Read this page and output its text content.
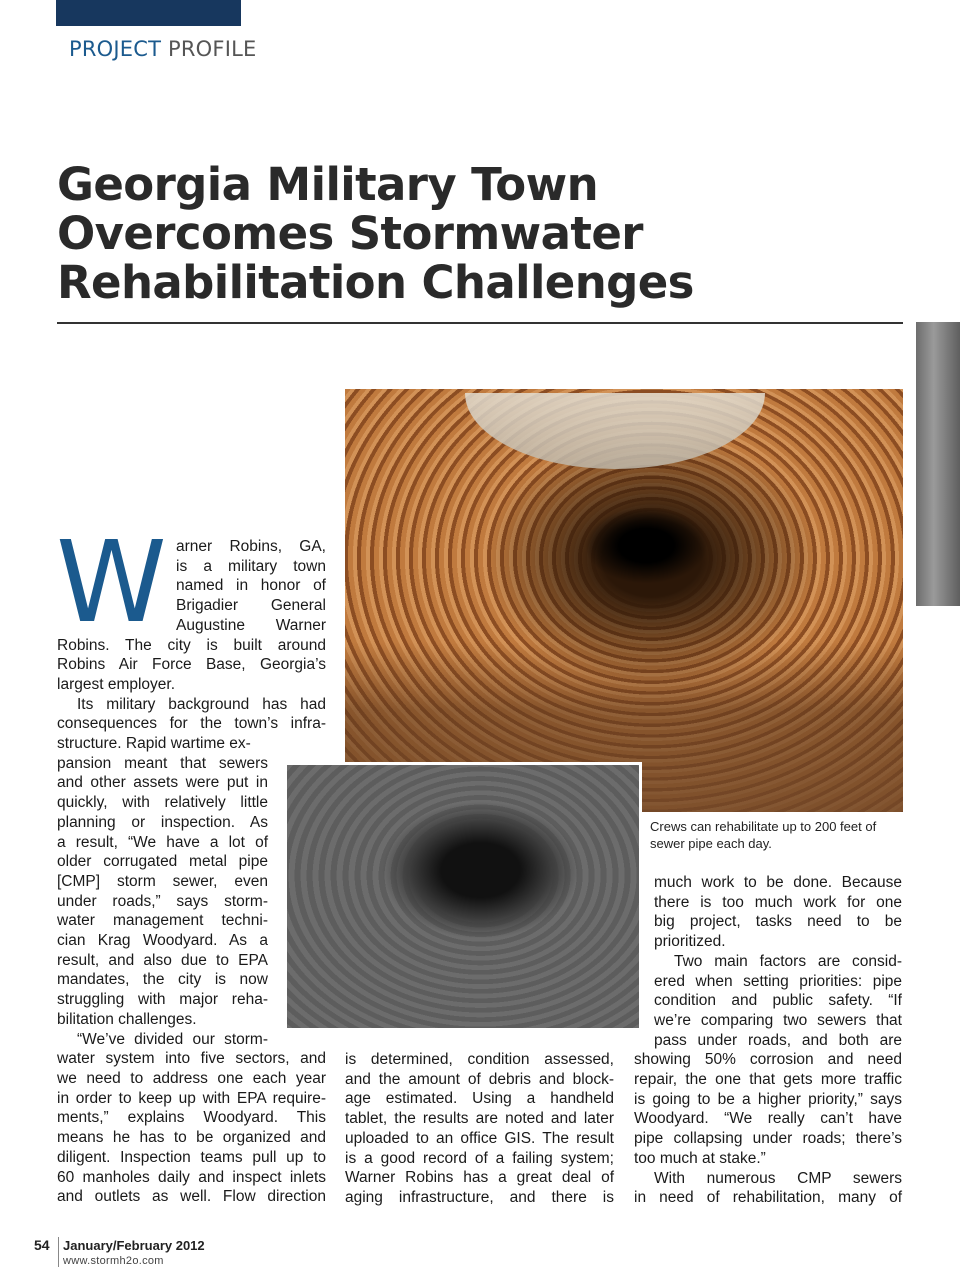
PROJECT PROFILE
Georgia Military Town
Overcomes Stormwater
Rehabilitation Challenges

Crews can rehabilitate up to 200 feet of sewer pipe each day.

W arner Robins, GA,
is a military town
named in honor of
Brigadier General
Augustine Warner
Robins. The city is built around
Robins Air Force Base, Georgia’s
largest employer.
Its military background has had
consequences for the town’s infra-
structure. Rapid wartime ex-
pansion meant that sewers
and other assets were put in
quickly, with relatively little
planning or inspection. As
a result, “We have a lot of
older corrugated metal pipe
[CMP] storm sewer, even
under roads,” says storm-
water management techni-
cian Krag Woodyard. As a
result, and also due to EPA
mandates, the city is now
struggling with major reha-
bilitation challenges.
“We’ve divided our storm-
water system into five sectors, and
we need to address one each year
in order to keep up with EPA require-
ments,” explains Woodyard. This
means he has to be organized and
diligent. Inspection teams pull up to
60 manholes daily and inspect inlets
and outlets as well. Flow direction
is determined, condition assessed,
and the amount of debris and block-
age estimated. Using a handheld
tablet, the results are noted and later
uploaded to an office GIS. The result
is a good record of a failing system;
Warner Robins has a great deal of
aging infrastructure, and there is
much work to be done. Because
there is too much work for one
big project, tasks need to be
prioritized.
Two main factors are consid-
ered when setting priorities: pipe
condition and public safety. “If
we’re comparing two sewers that
pass under roads, and both are
showing 50% corrosion and need
repair, the one that gets more traffic
is going to be a higher priority,” says
Woodyard. “We really can’t have
pipe collapsing under roads; there’s
too much at stake.”
With numerous CMP sewers
in need of rehabilitation, many of
54 January/February 2012
www.stormh2o.com
